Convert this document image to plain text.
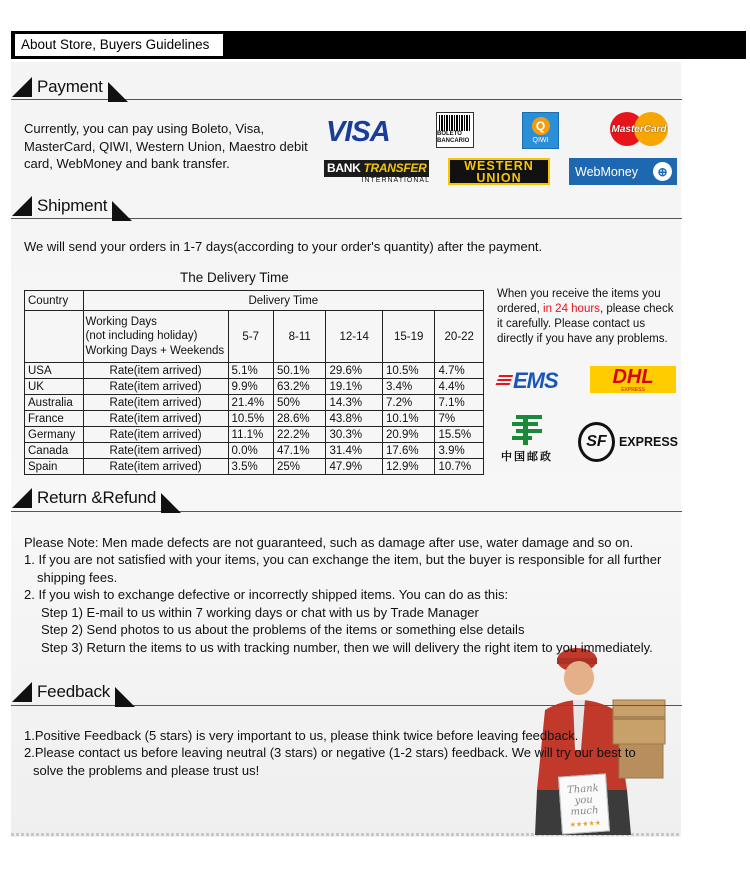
About Store, Buyers Guidelines
Payment
Currently, you can pay using Boleto, Visa, MasterCard, QIWI, Western Union, Maestro debit card, WebMoney and bank transfer.
VISA	BOLETO BANCARIO
Q
QIWI
MasterCard
BANK TRANSFER
INTERNATIONAL
WESTERN
UNION	WebMoney	⊕
Shipment
We will send your orders in 1-7 days(according to your order's quantity) after the payment.
The Delivery Time
Country	Delivery Time					

	Working Days
(not including holiday)
Working Days + Weekends	5-7	8-11	12-14	15-19	20-22
USA	Rate(item arrived)	5.1%	50.1%	29.6%	10.5%	4.7%
UK	Rate(item arrived)	9.9%	63.2%	19.1%	3.4%	4.4%
Australia	Rate(item arrived)	21.4%	50%	14.3%	7.2%	7.1%
France	Rate(item arrived)	10.5%	28.6%	43.8%	10.1%	7%
Germany	Rate(item arrived)	11.1%	22.2%	30.3%	20.9%	15.5%
Canada	Rate(item arrived)	0.0%	47.1%	31.4%	17.6%	3.9%
Spain	Rate(item arrived)	3.5%	25%	47.9%	12.9%	10.7%
When you receive the items you ordered, in 24 hours, please check it carefully. Please contact us directly if you have any problems.
EMS	DHL
EXPRESS
中国邮政
SF EXPRESS
Return &Refund
Please Note: Men made defects are not guaranteed, such as damage after use, water damage and so on.
1. If you are not satisfied with your items, you can exchange the item, but the buyer is responsible for all further
shipping fees.
2. If you wish to exchange defective or incorrectly shipped items. You can do as this:
Step 1) E-mail to us within 7 working days or chat with us by Trade Manager
Step 2) Send photos to us about the problems of the items or something else details
Step 3) Return the items to us with tracking number, then we will delivery the right item to you immediately.
Feedback
1.Positive Feedback (5 stars) is very important to us, please think twice before leaving feedback.
2.Please contact us before leaving neutral (3 stars) or negative (1-2 stars) feedback. We will try our best to
solve the problems and please trust us!
Thank
you
much
★★★★★
